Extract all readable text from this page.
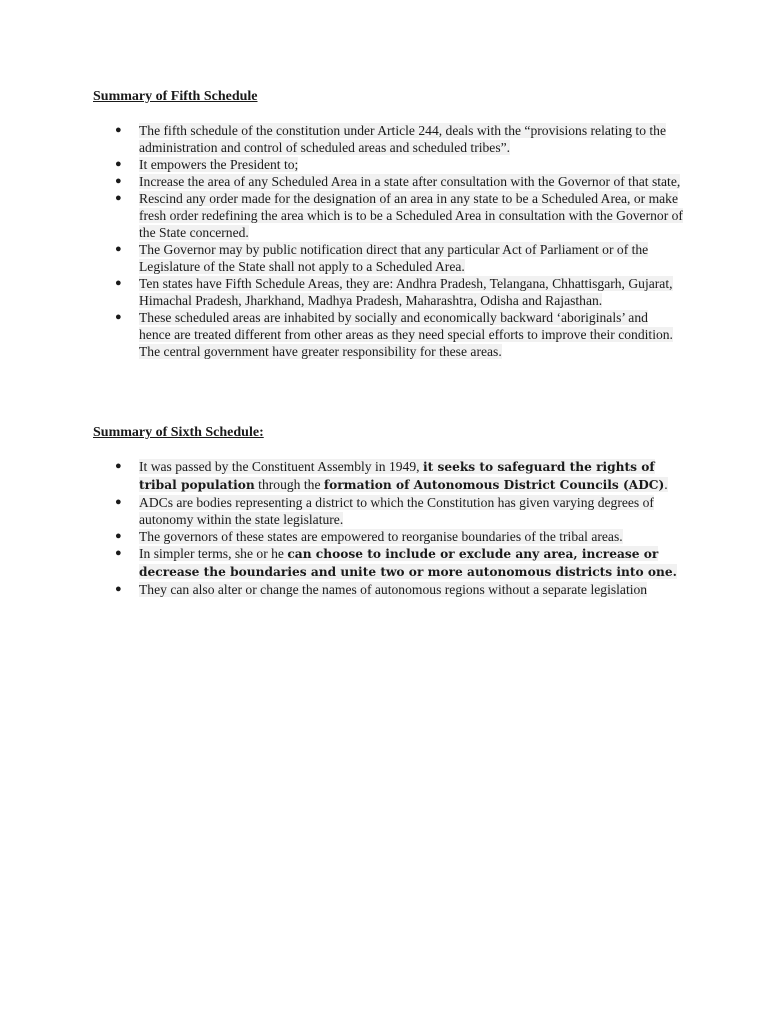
Summary of Fifth Schedule

● The fifth schedule of the constitution under Article 244, deals with the “provisions relating to the administration and control of scheduled areas and scheduled tribes”.
● It empowers the President to;
● Increase the area of any Scheduled Area in a state after consultation with the Governor of that state,
● Rescind any order made for the designation of an area in any state to be a Scheduled Area, or make fresh order redefining the area which is to be a Scheduled Area in consultation with the Governor of the State concerned.
● The Governor may by public notification direct that any particular Act of Parliament or of the Legislature of the State shall not apply to a Scheduled Area.
● Ten states have Fifth Schedule Areas, they are: Andhra Pradesh, Telangana, Chhattisgarh, Gujarat, Himachal Pradesh, Jharkhand, Madhya Pradesh, Maharashtra, Odisha and Rajasthan.
● These scheduled areas are inhabited by socially and economically backward ‘aboriginals’ and hence are treated different from other areas as they need special efforts to improve their condition. The central government have greater responsibility for these areas.

Summary of Sixth Schedule:

● It was passed by the Constituent Assembly in 1949, it seeks to safeguard the rights of tribal population through the formation of Autonomous District Councils (ADC).
● ADCs are bodies representing a district to which the Constitution has given varying degrees of autonomy within the state legislature.
● The governors of these states are empowered to reorganise boundaries of the tribal areas.
● In simpler terms, she or he can choose to include or exclude any area, increase or decrease the boundaries and unite two or more autonomous districts into one.
● They can also alter or change the names of autonomous regions without a separate legislation
